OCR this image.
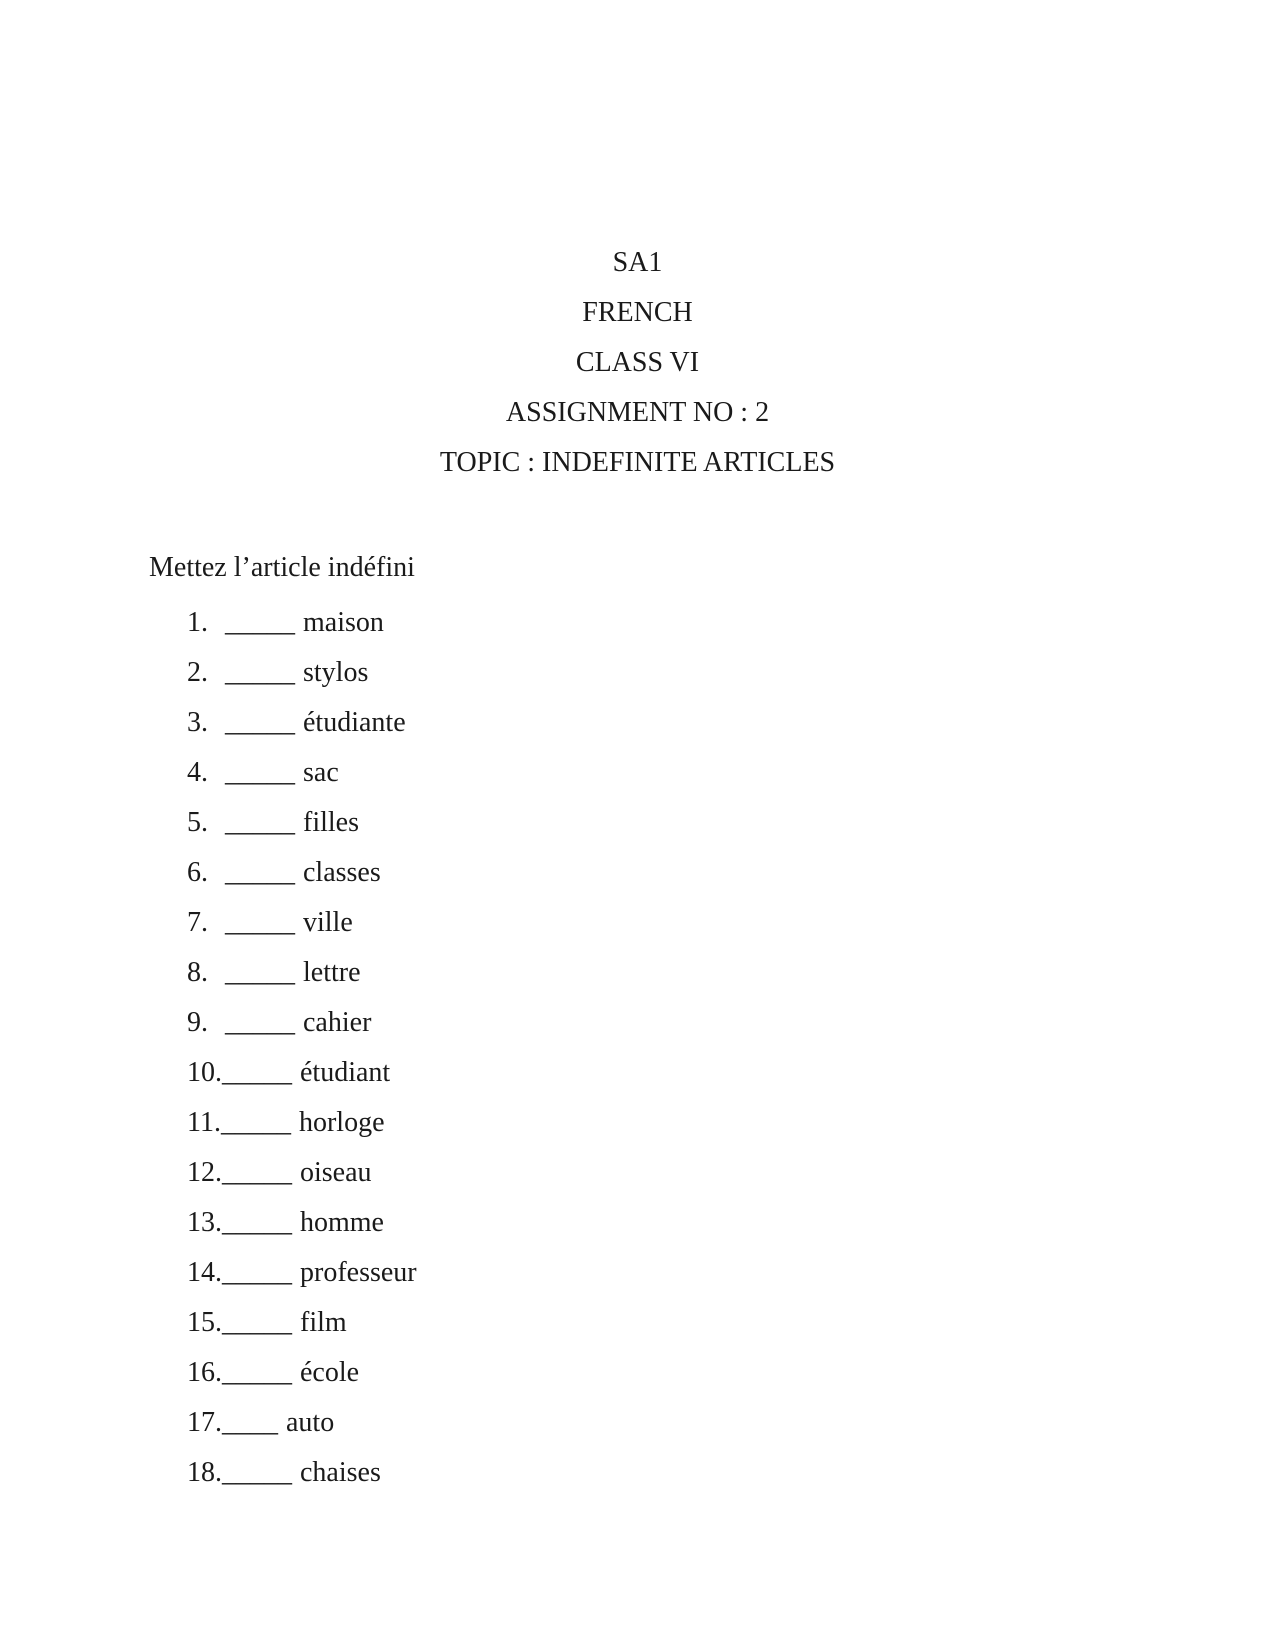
SA1
FRENCH
CLASS VI
ASSIGNMENT NO : 2
TOPIC : INDEFINITE ARTICLES
Mettez l’article indéfini
1. _____ maison
2. _____ stylos
3. _____ étudiante
4. _____ sac
5. _____ filles
6. _____ classes
7. _____ ville
8. _____ lettre
9. _____ cahier
10._____ étudiant
11._____ horloge
12._____ oiseau
13._____ homme
14._____ professeur
15._____ film
16._____ école
17.____ auto
18._____ chaises
